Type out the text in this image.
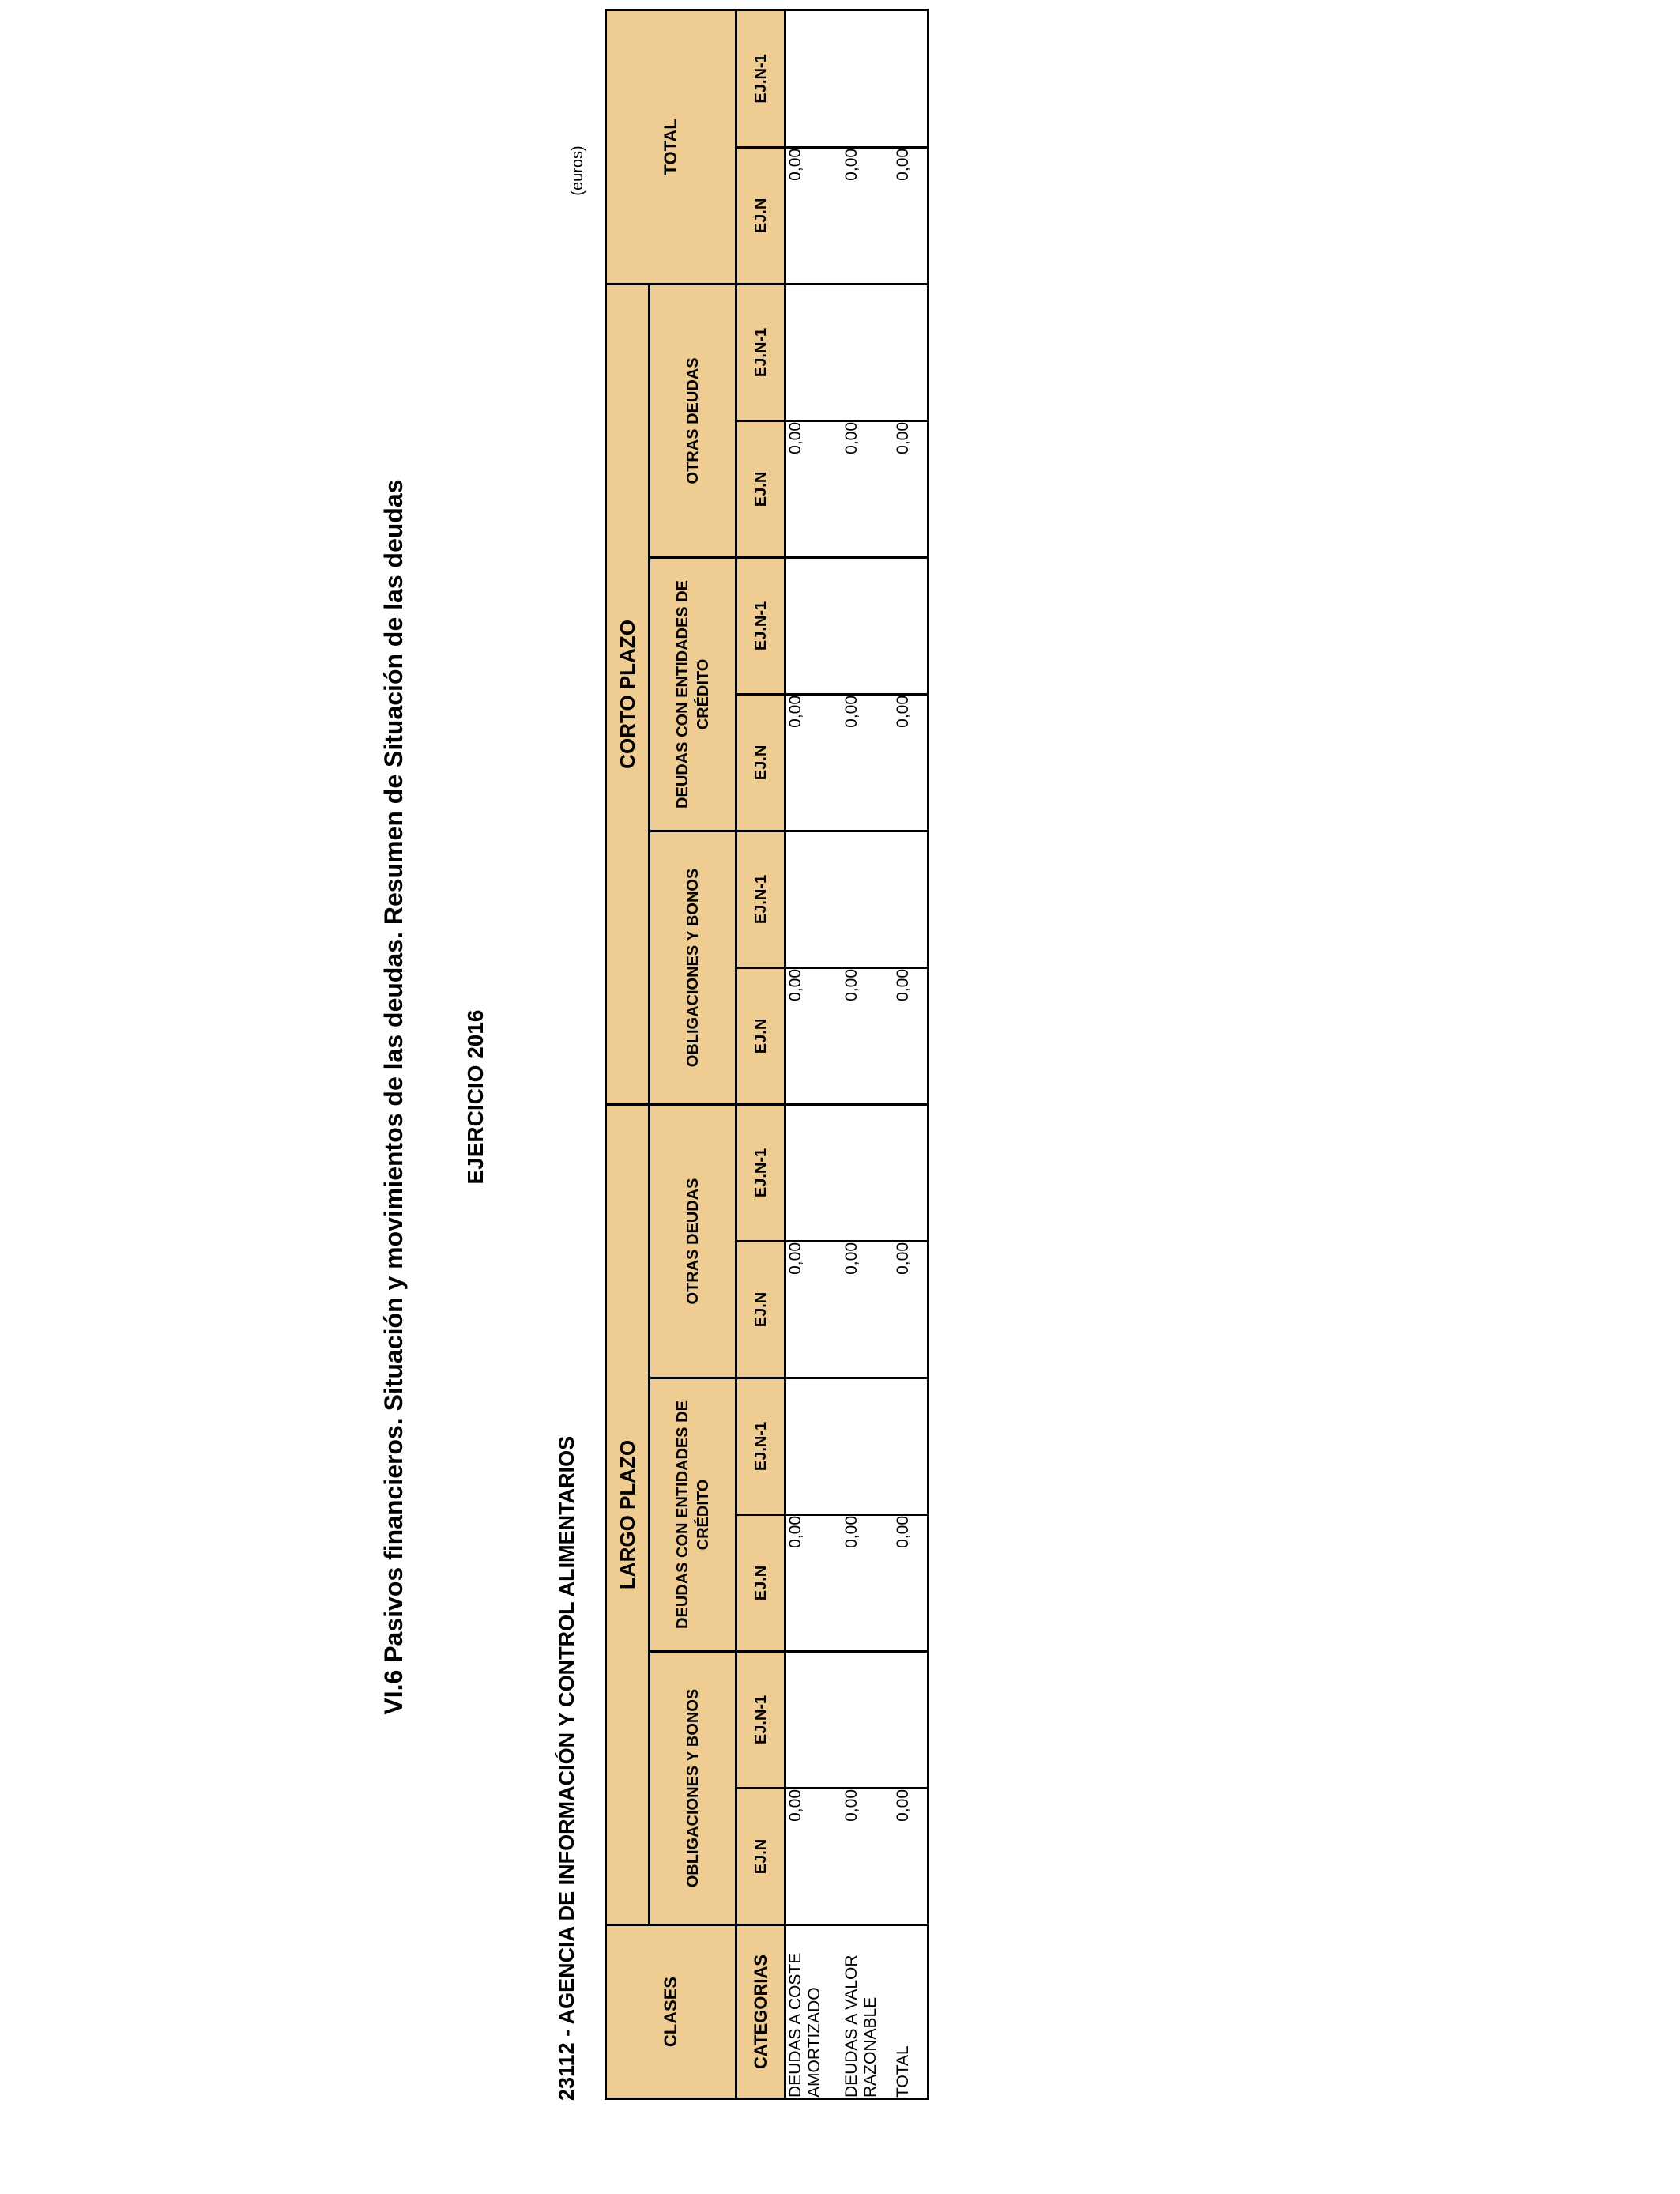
VI.6 Pasivos financieros. Situación y movimientos de las deudas. Resumen de Situación de las deudas	EJERCICIO 2016
23112 - AGENCIA DE INFORMACIÓN Y CONTROL ALIMENTARIOS
(euros)
CLASES	LARGO PLAZO						CORTO PLAZO						TOTAL	
	OBLIGACIONES Y BONOS		DEUDAS CON ENTIDADES DE CRÉDITO		OTRAS DEUDAS		OBLIGACIONES Y BONOS		DEUDAS CON ENTIDADES DE CRÉDITO		OTRAS DEUDAS			
CATEGORIAS	EJ.N	EJ.N-1	EJ.N	EJ.N-1	EJ.N	EJ.N-1	EJ.N	EJ.N-1	EJ.N	EJ.N-1	EJ.N	EJ.N-1	EJ.N	EJ.N-1
DEUDAS A COSTE AMORTIZADO	0,00		0,00		0,00		0,00		0,00		0,00		0,00	
DEUDAS A VALOR RAZONABLE	0,00		0,00		0,00		0,00		0,00		0,00		0,00	
TOTAL	0,00		0,00		0,00		0,00		0,00		0,00		0,00	
